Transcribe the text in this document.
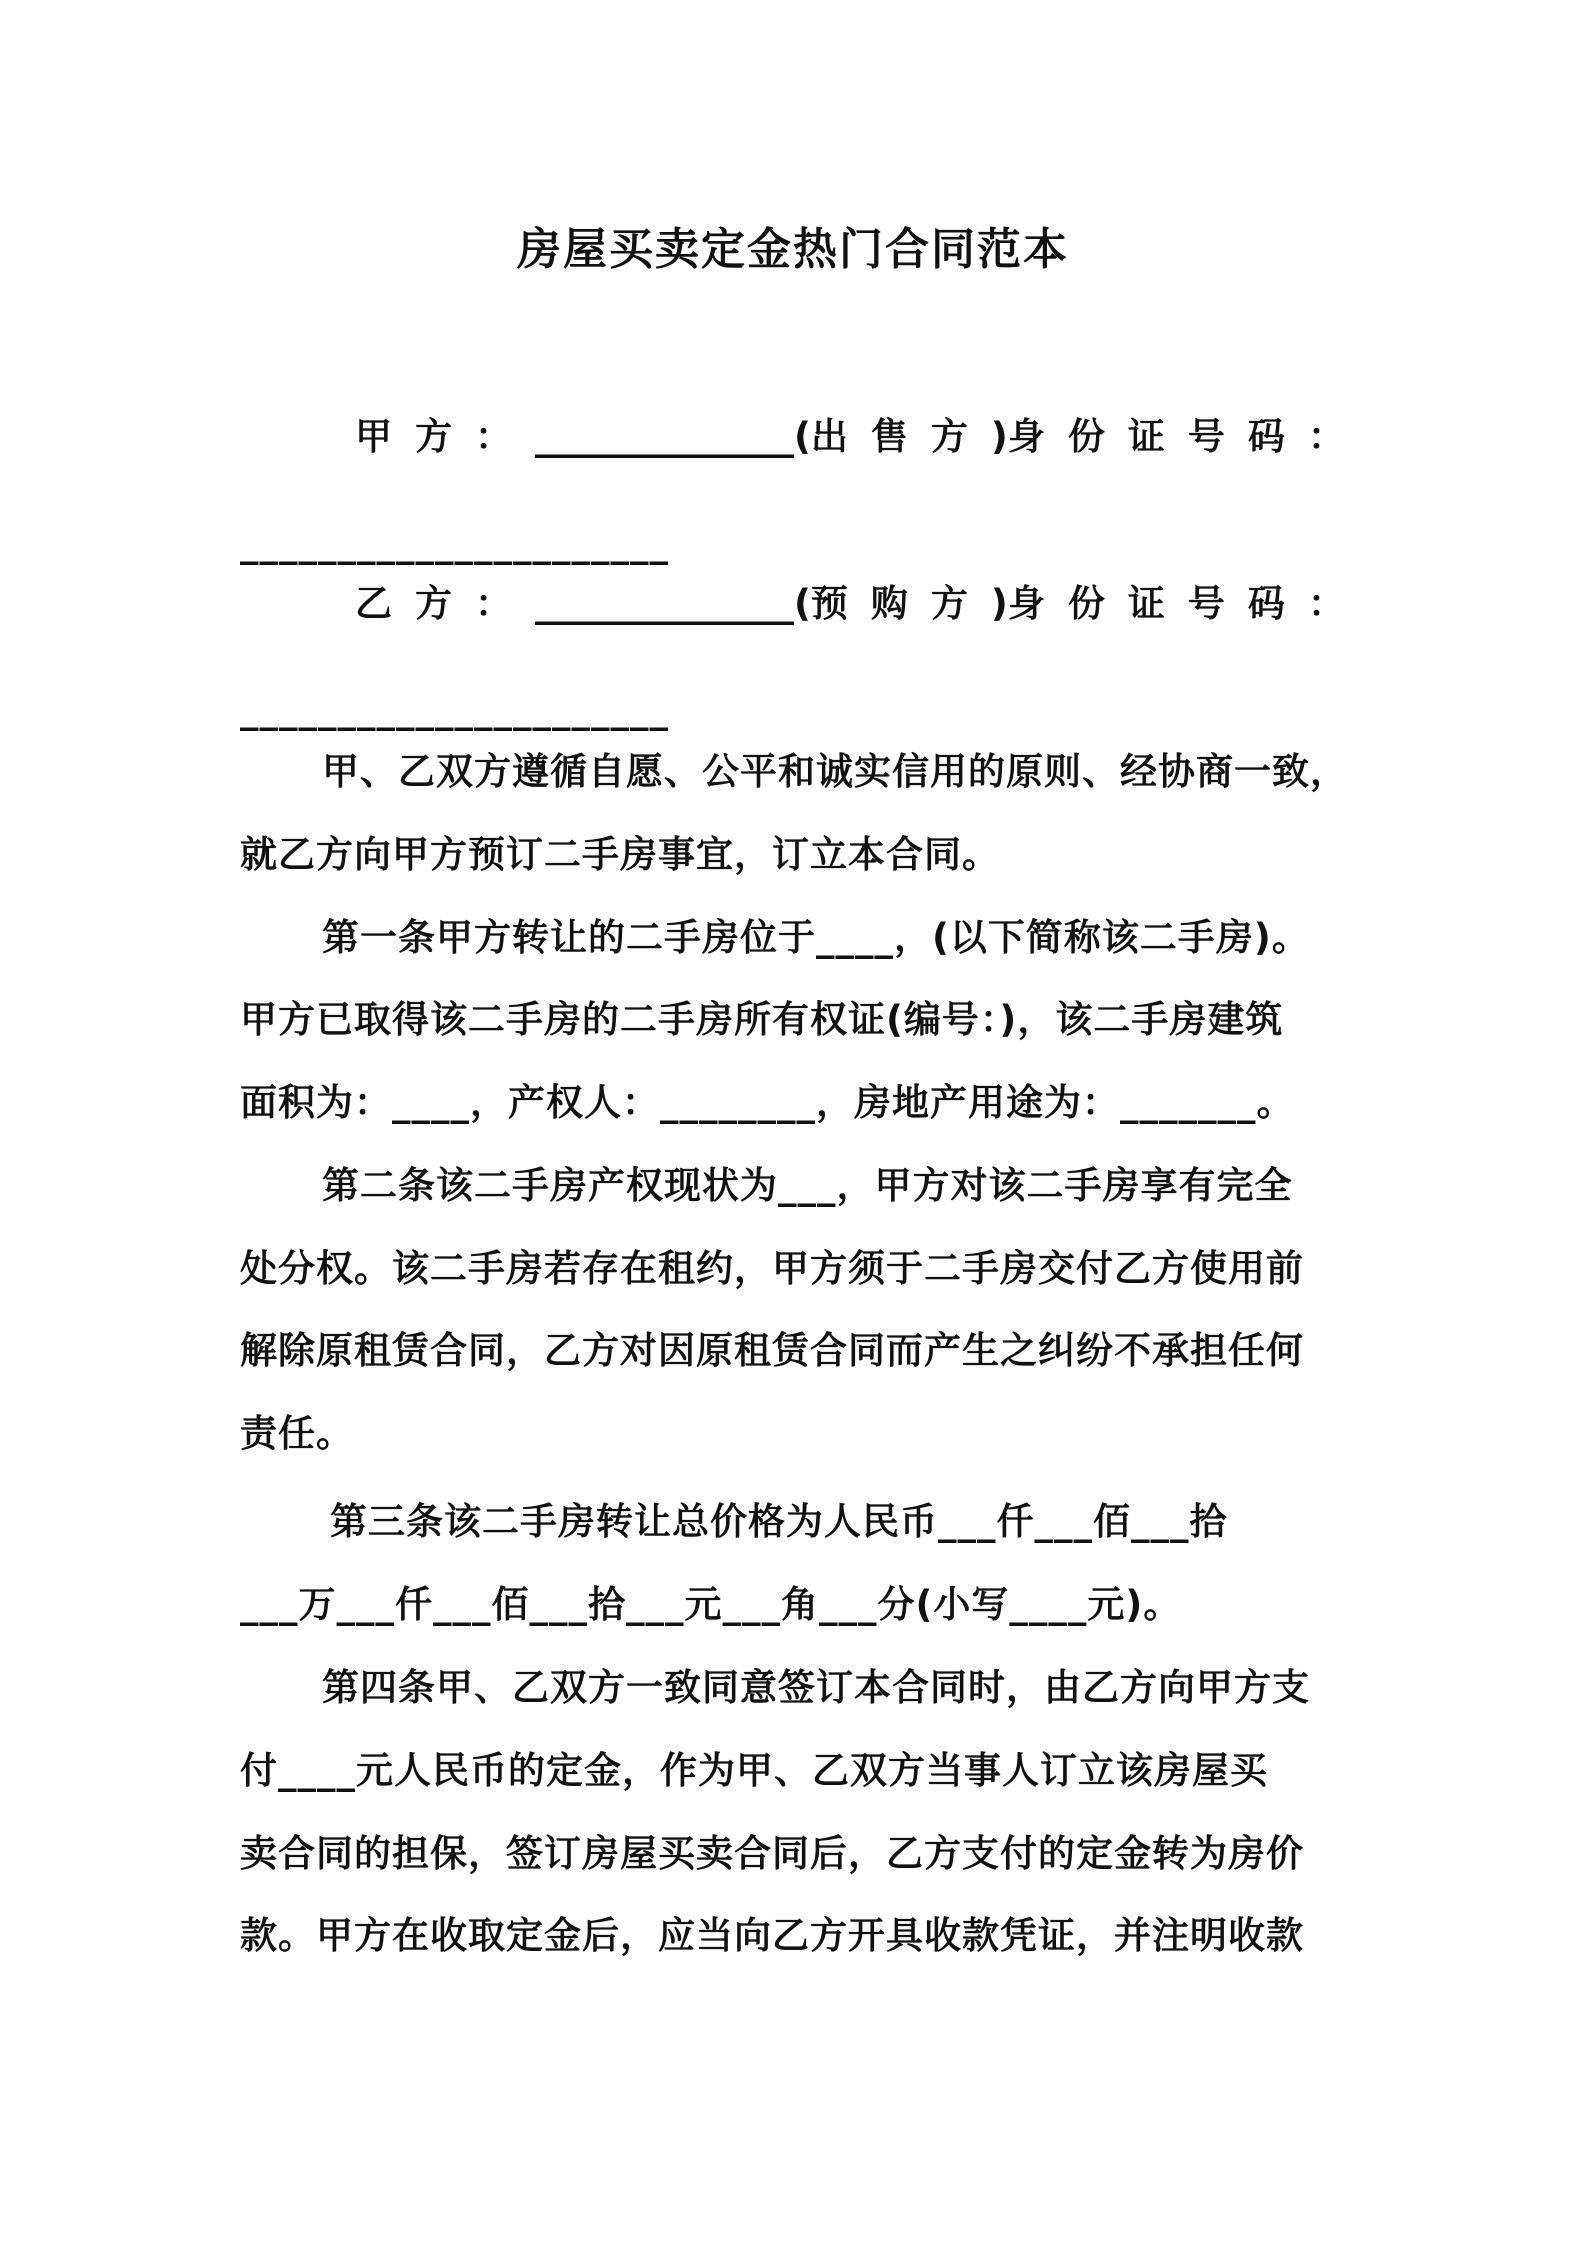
房屋买卖定金热门合同范本
甲 方 ： ______________(出 售 方 )身 份 证 号 码 ：
______________________
乙 方 ： ______________(预 购 方 )身 份 证 号 码 ：
______________________
甲、乙双方遵循自愿、公平和诚实信用的原则、经协商一致，
就乙方向甲方预订二手房事宜，订立本合同。
第一条甲方转让的二手房位于____，(以下简称该二手房)。
甲方已取得该二手房的二手房所有权证(编号：)，该二手房建筑
面积为：____，产权人：________，房地产用途为：_______。
第二条该二手房产权现状为___，甲方对该二手房享有完全
处分权。该二手房若存在租约，甲方须于二手房交付乙方使用前
解除原租赁合同，乙方对因原租赁合同而产生之纠纷不承担任何
责任。
第三条该二手房转让总价格为人民币___仟___佰___拾
___万___仟___佰___拾___元___角___分(小写____元)。
第四条甲、乙双方一致同意签订本合同时，由乙方向甲方支
付____元人民币的定金，作为甲、乙双方当事人订立该房屋买
卖合同的担保，签订房屋买卖合同后，乙方支付的定金转为房价
款。甲方在收取定金后，应当向乙方开具收款凭证，并注明收款
